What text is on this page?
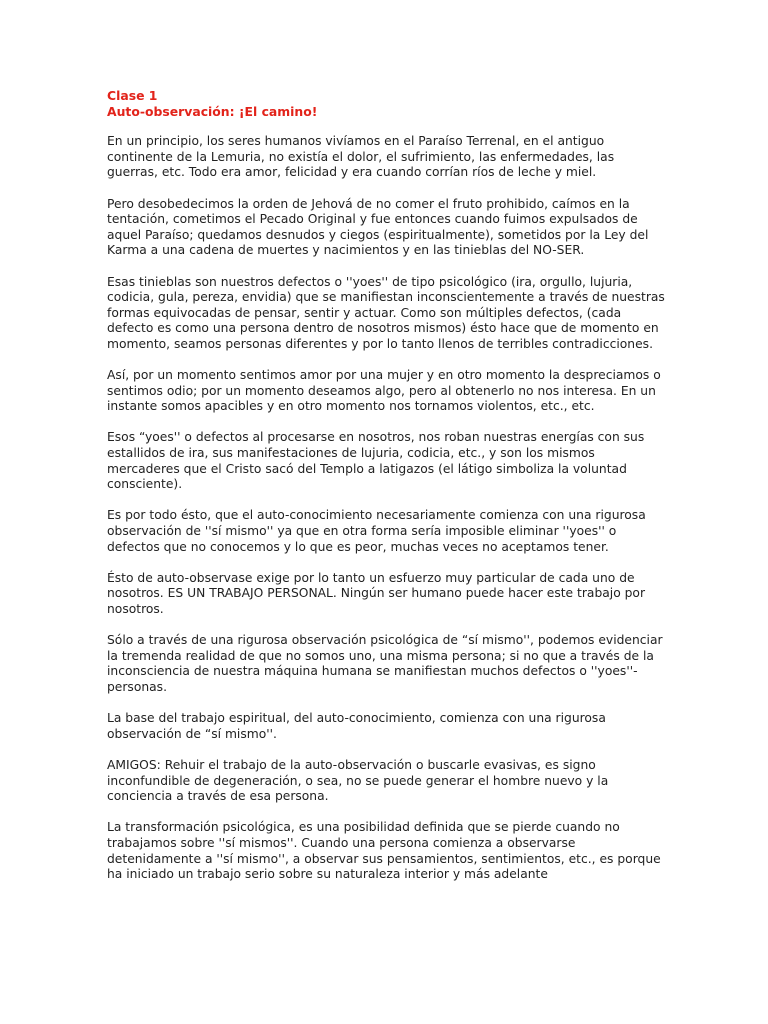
Clase 1

Auto-observación: ¡El camino!

En un principio, los seres humanos vivíamos en el Paraíso Terrenal, en el antiguo continente de la Lemuria, no existía el dolor, el sufrimiento, las enfermedades, las guerras, etc. Todo era amor, felicidad y era cuando corrían ríos de leche y miel.

Pero desobedecimos la orden de Jehová de no comer el fruto prohibido, caímos en la tentación, cometimos el Pecado Original y fue entonces cuando fuimos expulsados de aquel Paraíso; quedamos desnudos y ciegos (espiritualmente), sometidos por la Ley del Karma a una cadena de muertes y nacimientos y en las tinieblas del NO-SER.

Esas tinieblas son nuestros defectos o ''yoes'' de tipo psicológico (ira, orgullo, lujuria, codicia, gula, pereza, envidia) que se manifiestan inconscientemente a través de nuestras formas equivocadas de pensar, sentir y actuar. Como son múltiples defectos, (cada defecto es como una persona dentro de nosotros mismos) ésto hace que de momento en momento, seamos personas diferentes y por lo tanto llenos de terribles contradicciones.

Así, por un momento sentimos amor por una mujer y en otro momento la despreciamos o sentimos odio; por un momento deseamos algo, pero al obtenerlo no nos interesa. En un instante somos apacibles y en otro momento nos tornamos violentos, etc., etc.

Esos “yoes'' o defectos al procesarse en nosotros, nos roban nuestras energías con sus estallidos de ira, sus manifestaciones de lujuria, codicia, etc., y son los mismos mercaderes que el Cristo sacó del Templo a latigazos (el látigo simboliza la voluntad consciente).

Es por todo ésto, que el auto-conocimiento necesariamente comienza con una rigurosa observación de ''sí mismo'' ya que en otra forma sería imposible eliminar ''yoes'' o defectos que no conocemos y lo que es peor, muchas veces no aceptamos tener.

Ésto de auto-observase exige por lo tanto un esfuerzo muy particular de cada uno de nosotros. ES UN TRABAJO PERSONAL. Ningún ser humano puede hacer este trabajo por nosotros.

Sólo a través de una rigurosa observación psicológica de “sí mismo'', podemos evidenciar la tremenda realidad de que no somos uno, una misma persona; si no que a través de la inconsciencia de nuestra máquina humana se manifiestan muchos defectos o ''yoes''-personas.

La base del trabajo espiritual, del auto-conocimiento, comienza con una rigurosa observación de “sí mismo''.

AMIGOS: Rehuir el trabajo de la auto-observación o buscarle evasivas, es signo inconfundible de degeneración, o sea, no se puede generar el hombre nuevo y la conciencia a través de esa persona.

La transformación psicológica, es una posibilidad definida que se pierde cuando no trabajamos sobre ''sí mismos''. Cuando una persona comienza a observarse detenidamente a ''sí mismo'', a observar sus pensamientos, sentimientos, etc., es porque ha iniciado un trabajo serio sobre su naturaleza interior y más adelante
